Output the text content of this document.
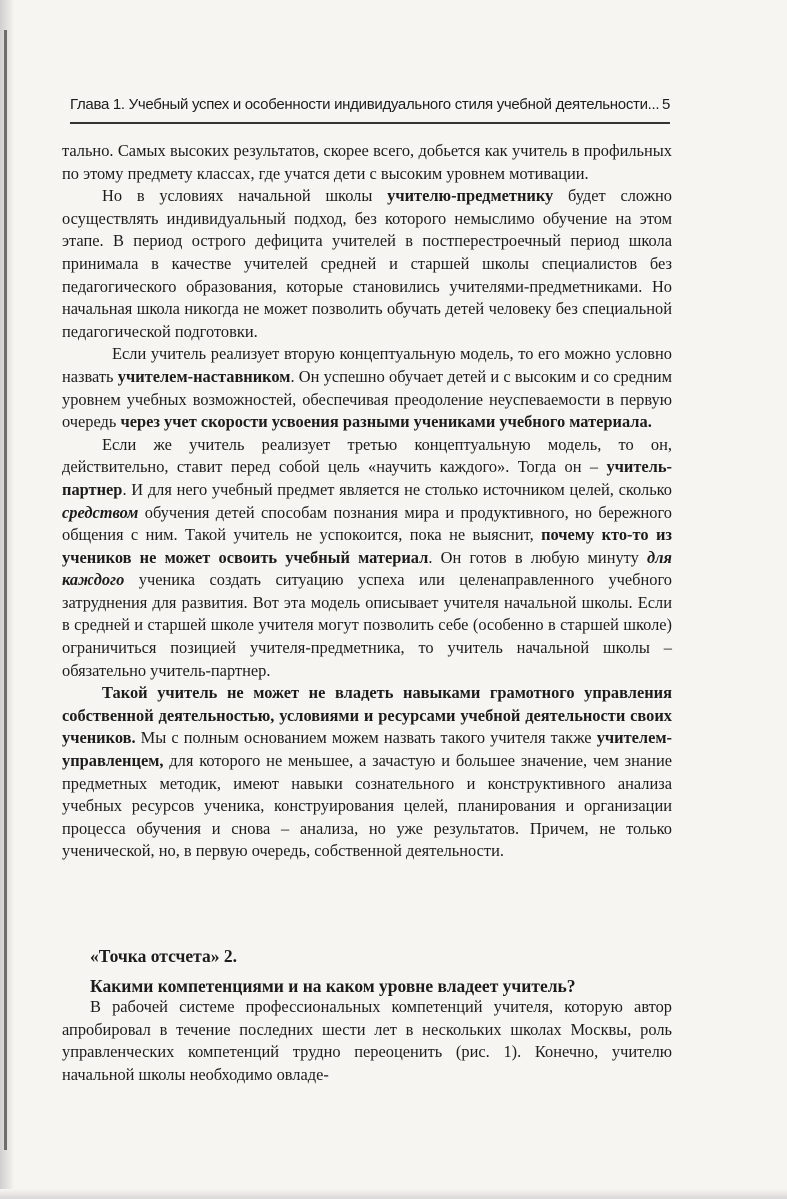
Глава 1. Учебный успех и особенности индивидуального стиля учебной деятельности... 5

тально. Самых высоких результатов, скорее всего, добьется как учитель в профильных по этому предмету классах, где учатся дети с высоким уровнем мотивации.

Но в условиях начальной школы учителю-предметнику будет сложно осуществлять индивидуальный подход, без которого немыслимо обучение на этом этапе. В период острого дефицита учителей в постперестроечный период школа принимала в качестве учителей средней и старшей школы специалистов без педагогического образования, которые становились учителями-предметниками. Но начальная школа никогда не может позволить обучать детей человеку без специальной педагогической подготовки.

Если учитель реализует вторую концептуальную модель, то его можно условно назвать учителем-наставником. Он успешно обучает детей и с высоким и со средним уровнем учебных возможностей, обеспечивая преодоление неуспеваемости в первую очередь через учет скорости усвоения разными учениками учебного материала.

Если же учитель реализует третью концептуальную модель, то он, действительно, ставит перед собой цель «научить каждого». Тогда он – учитель-партнер. И для него учебный предмет является не столько источником целей, сколько средством обучения детей способам познания мира и продуктивного, но бережного общения с ним. Такой учитель не успокоится, пока не выяснит, почему кто-то из учеников не может освоить учебный материал. Он готов в любую минуту для каждого ученика создать ситуацию успеха или целенаправленного учебного затруднения для развития. Вот эта модель описывает учителя начальной школы. Если в средней и старшей школе учителя могут позволить себе (особенно в старшей школе) ограничиться позицией учителя-предметника, то учитель начальной школы – обязательно учитель-партнер.

Такой учитель не может не владеть навыками грамотного управления собственной деятельностью, условиями и ресурсами учебной деятельности своих учеников. Мы с полным основанием можем назвать такого учителя также учителем-управленцем, для которого не меньшее, а зачастую и большее значение, чем знание предметных методик, имеют навыки сознательного и конструктивного анализа учебных ресурсов ученика, конструирования целей, планирования и организации процесса обучения и снова – анализа, но уже результатов. Причем, не только ученической, но, в первую очередь, собственной деятельности.

«Точка отсчета» 2.
Какими компетенциями и на каком уровне владеет учитель?

В рабочей системе профессиональных компетенций учителя, которую автор апробировал в течение последних шести лет в нескольких школах Москвы, роль управленческих компетенций трудно переоценить (рис. 1). Конечно, учителю начальной школы необходимо овладе-
